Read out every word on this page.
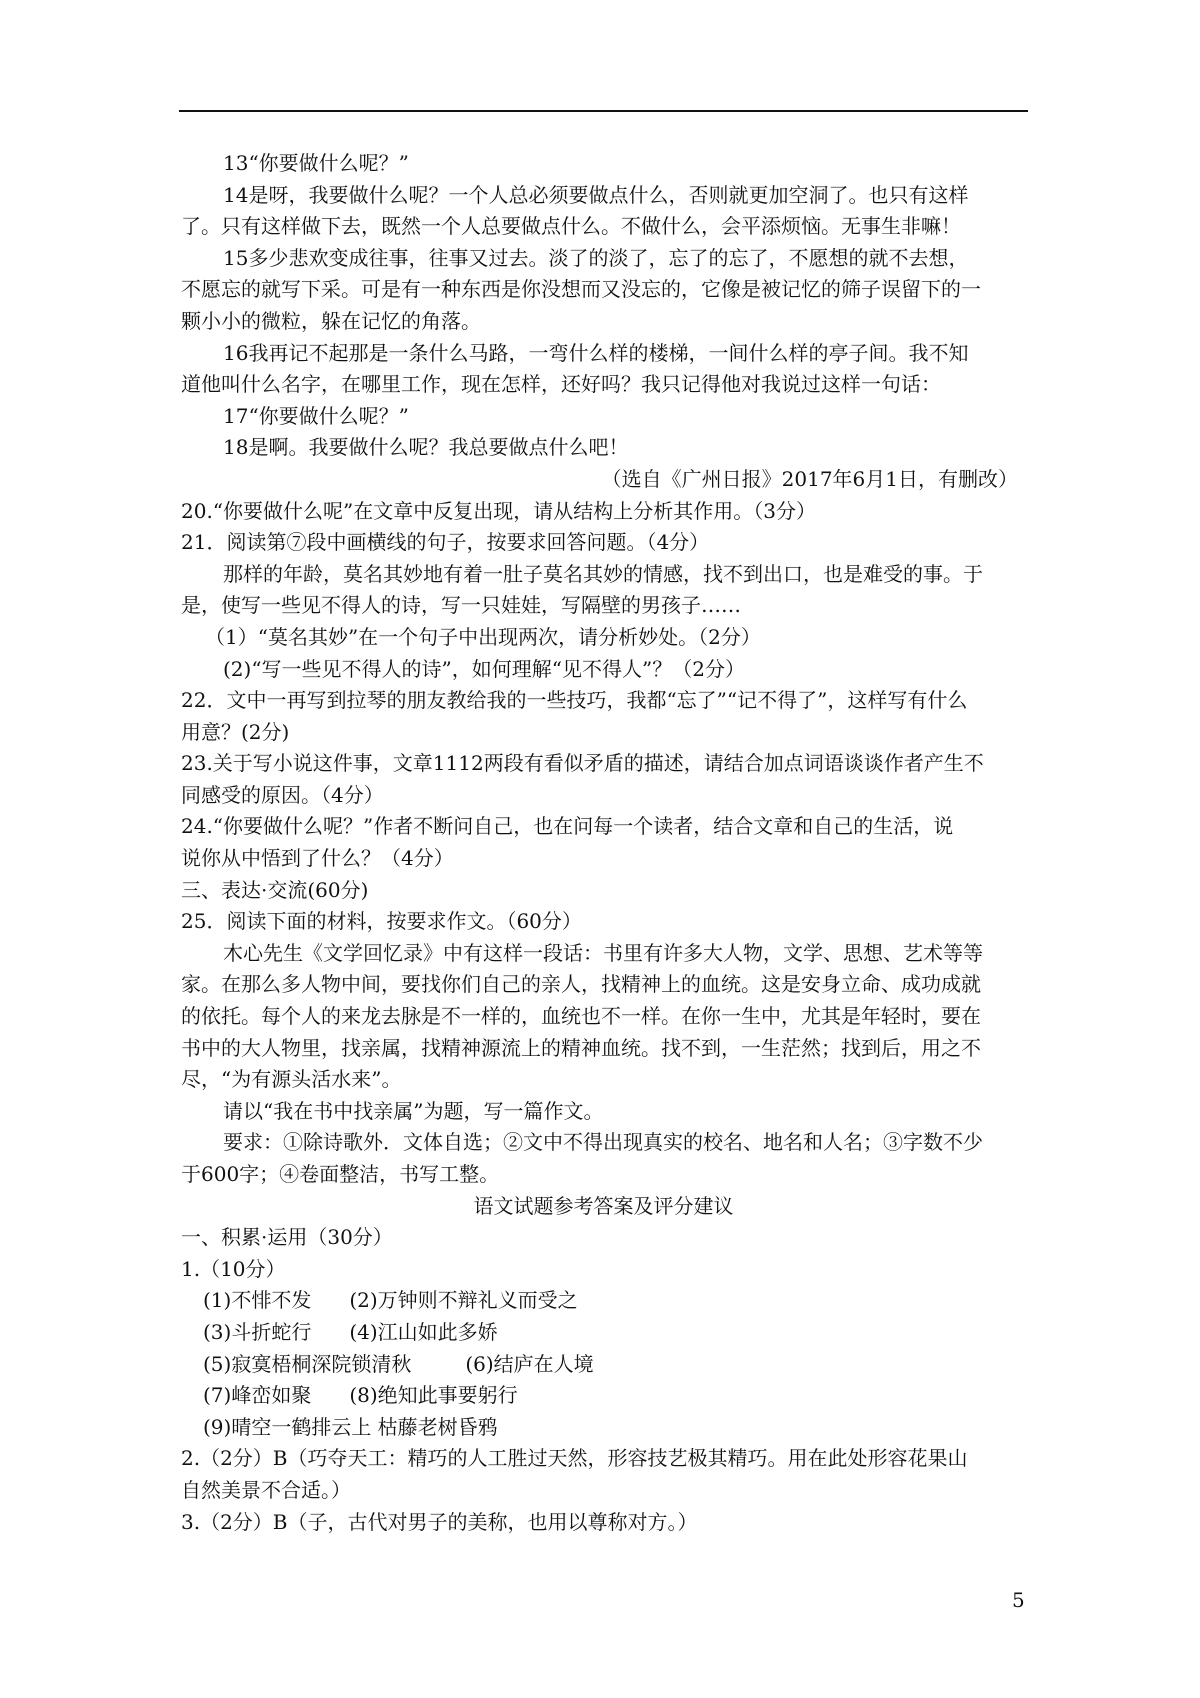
13“你要做什么呢？”
14是呀，我要做什么呢？一个人总必须要做点什么，否则就更加空洞了。也只有这样
了。只有这样做下去，既然一个人总要做点什么。不做什么，会平添烦恼。无事生非嘛！
15多少悲欢变成往事，往事又过去。淡了的淡了，忘了的忘了，不愿想的就不去想，
不愿忘的就写下采。可是有一种东西是你没想而又没忘的，它像是被记忆的筛子误留下的一
颗小小的微粒，躲在记忆的角落。
16我再记不起那是一条什么马路，一弯什么样的楼梯，一间什么样的亭子间。我不知
道他叫什么名字，在哪里工作，现在怎样，还好吗？我只记得他对我说过这样一句话：
17“你要做什么呢？”
18是啊。我要做什么呢？我总要做点什么吧！
（选自《广州日报》2017年6月1日，有删改）
20.“你要做什么呢”在文章中反复出现，请从结构上分析其作用。（3分）
21．阅读第⑦段中画横线的句子，按要求回答问题。（4分）
那样的年龄，莫名其妙地有着一肚子莫名其妙的情感，找不到出口，也是难受的事。于
是，使写一些见不得人的诗，写一只娃娃，写隔壁的男孩子……
（1）“莫名其妙”在一个句子中出现两次，请分析妙处。（2分）
(2)“写一些见不得人的诗”，如何理解“见不得人”？（2分）
22．文中一再写到拉琴的朋友教给我的一些技巧，我都“忘了”“记不得了”，这样写有什么
用意？(2分)
23.关于写小说这件事，文章1112两段有看似矛盾的描述，请结合加点词语谈谈作者产生不
同感受的原因。（4分）
24.“你要做什么呢？”作者不断问自己，也在问每一个读者，结合文章和自己的生活，说
说你从中悟到了什么？（4分）
三、表达·交流(60分)
25．阅读下面的材料，按要求作文。（60分）
木心先生《文学回忆录》中有这样一段话：书里有许多大人物，文学、思想、艺术等等
家。在那么多人物中间，要找你们自己的亲人，找精神上的血统。这是安身立命、成功成就
的依托。每个人的来龙去脉是不一样的，血统也不一样。在你一生中，尤其是年轻时，要在
书中的大人物里，找亲属，找精神源流上的精神血统。找不到，一生茫然；找到后，用之不
尽，“为有源头活水来”。
请以“我在书中找亲属”为题，写一篇作文。
要求：①除诗歌外．文体自选；②文中不得出现真实的校名、地名和人名；③字数不少
于600字；④卷面整洁，书写工整。
语文试题参考答案及评分建议
一、积累·运用（30分）
1.（10分）
(1)不悱不发 (2)万钟则不辩礼义而受之
(3)斗折蛇行 (4)江山如此多娇
(5)寂寞梧桐深院锁清秋	(6)结庐在人境
(7)峰峦如聚 (8)绝知此事要躬行
(9)晴空一鹤排云上 枯藤老树昏鸦
2.（2分）B（巧夺天工：精巧的人工胜过天然，形容技艺极其精巧。用在此处形容花果山
自然美景不合适。）
3.（2分）B（子，古代对男子的美称，也用以尊称对方。）
5
